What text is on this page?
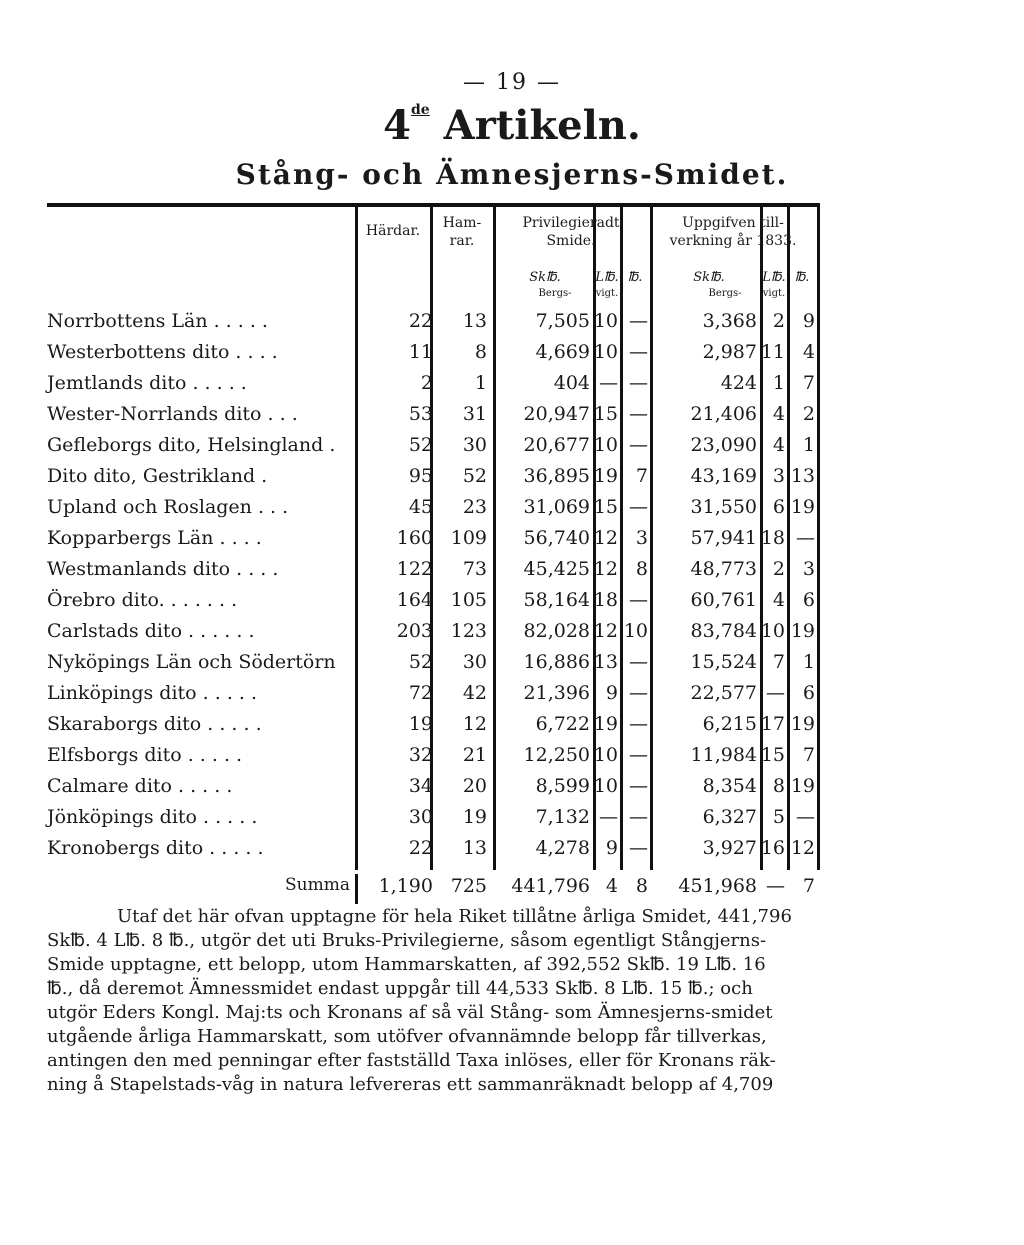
— 19 —
4de Artikeln.
Stång- och Ämnesjerns-Smidet.
Härdar.	Ham- rar.
Privilegieradt Smide.
Uppgifven till- verkning år 1833.
Sk℔.	L℔. ℔.	Sk℔.	L℔. ℔.
Bergs-	vigt.	Bergs-	vigt.
Norrbottens Län . . . . .	22 13	7,505 10 —	3,368 2 9
Westerbottens dito . . . .	11 8	4,669 10 —	2,987 11 4
Jemtlands dito . . . . .	2 1	404 — —	424 1 7
Wester-Norrlands dito . . .	53 31 20,947 15 — 21,406 4 2
Gefleborgs dito, Helsingland .	52 30 20,677 10 — 23,090 4 1
Dito dito, Gestrikland .	95 52 36,895 19 7 43,169 3 13
Upland och Roslagen . . .	45 23 31,069 15 — 31,550 6 19
Kopparbergs Län . . . .	160 109 56,740 12 3 57,941 18 —
Westmanlands dito . . . .	122 73 45,425 12 8 48,773 2 3
Örebro dito. . . . . . .	164 105 58,164 18 — 60,761 4 6
Carlstads dito . . . . . .	203 123 82,028 12 10 83,784 10 19
Nyköpings Län och Södertörn	52 30 16,886 13 — 15,524 7 1
Linköpings dito . . . . .	72 42 21,396 9 — 22,577 — 6
Skaraborgs dito . . . . .	19 12	6,722 19 —	6,215 17 19
Elfsborgs dito . . . . .	32 21 12,250 10 — 11,984 15 7
Calmare dito . . . . .	34 20	8,599 10 —	8,354 8 19
Jönköpings dito . . . . .	30 19	7,132 — —	6,327 5 —
Kronobergs dito . . . . .	22 13	4,278 9 —	3,927 16 12
Summa 1,190 725 441,796 4 8 451,968 — 7
Utaf det här ofvan upptagne för hela Riket tillåtne årliga Smidet, 441,796
Sk℔. 4 L℔. 8 ℔., utgör det uti Bruks-Privilegierne, såsom egentligt Stångjerns-
Smide upptagne, ett belopp, utom Hammarskatten, af 392,552 Sk℔. 19 L℔. 16
℔., då deremot Ämnessmidet endast uppgår till 44,533 Sk℔. 8 L℔. 15 ℔.; och
utgör Eders Kongl. Maj:ts och Kronans af så väl Stång- som Ämnesjerns-smidet
utgående årliga Hammarskatt, som utöfver ofvannämnde belopp får tillverkas,
antingen den med penningar efter fastställd Taxa inlöses, eller för Kronans räk-
ning å Stapelstads-våg in natura lefvereras ett sammanräknadt belopp af 4,709
